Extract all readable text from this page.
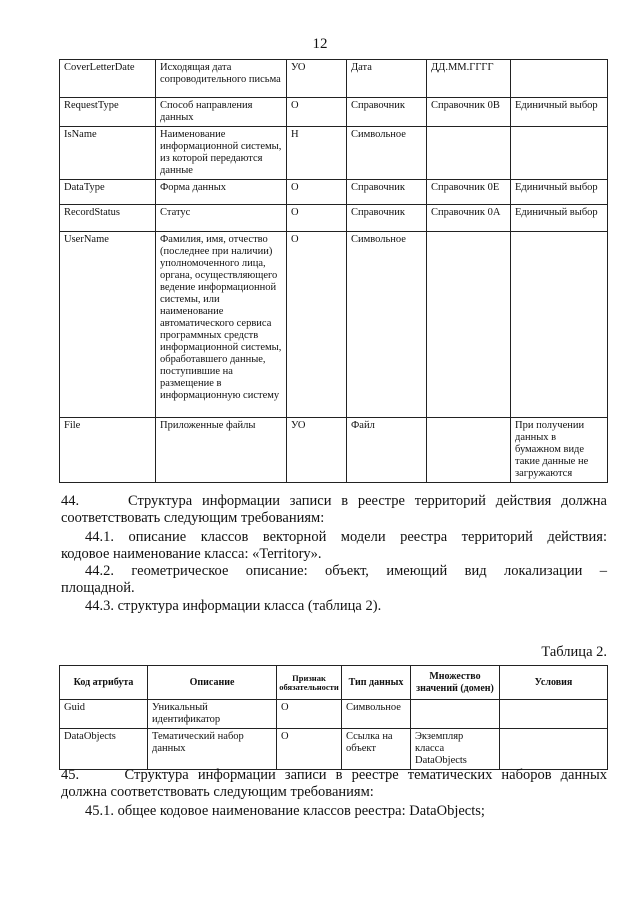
12
CoverLetterDate	Исходящая дата сопроводительного письма	УО	Дата	ДД.ММ.ГГГГ	
RequestType	Способ направления данных	О	Справочник	Справочник 0В	Единичный выбор
IsName	Наименование информационной системы, из которой передаются данные	Н	Символьное		
DataType	Форма данных	О	Справочник	Справочник 0Е	Единичный выбор
RecordStatus	Статус	О	Справочник	Справочник 0А	Единичный выбор
UserName	Фамилия, имя, отчество (последнее при наличии) уполномоченного лица, органа, осуществляющего ведение информационной системы, или наименование автоматического сервиса программных средств информационной системы, обработавшего данные, поступившие на размещение в информационную систему	О	Символьное		
File	Приложенные файлы	УО	Файл		При получении данных в бумажном виде такие данные не загружаются
44.     Структура информации записи в реестре территорий действия должна
соответствовать следующим требованиям:
44.1. описание классов векторной модели реестра территорий действия:
кодовое наименование класса: «Territory».
44.2. геометрическое описание: объект, имеющий вид локализации –
площадной.
44.3. структура информации класса (таблица 2).
Таблица 2.
Код атрибута	Описание	Признак обязательности	Тип данных	Множество значений (домен)	Условия
Guid	Уникальный идентификатор	О	Символьное		
DataObjects	Тематический набор данных	О	Ссылка на объект	Экземпляр класса DataObjects	
45.     Структура информации записи в реестре тематических наборов данных
должна соответствовать следующим требованиям:
45.1. общее кодовое наименование классов реестра: DataObjects;
